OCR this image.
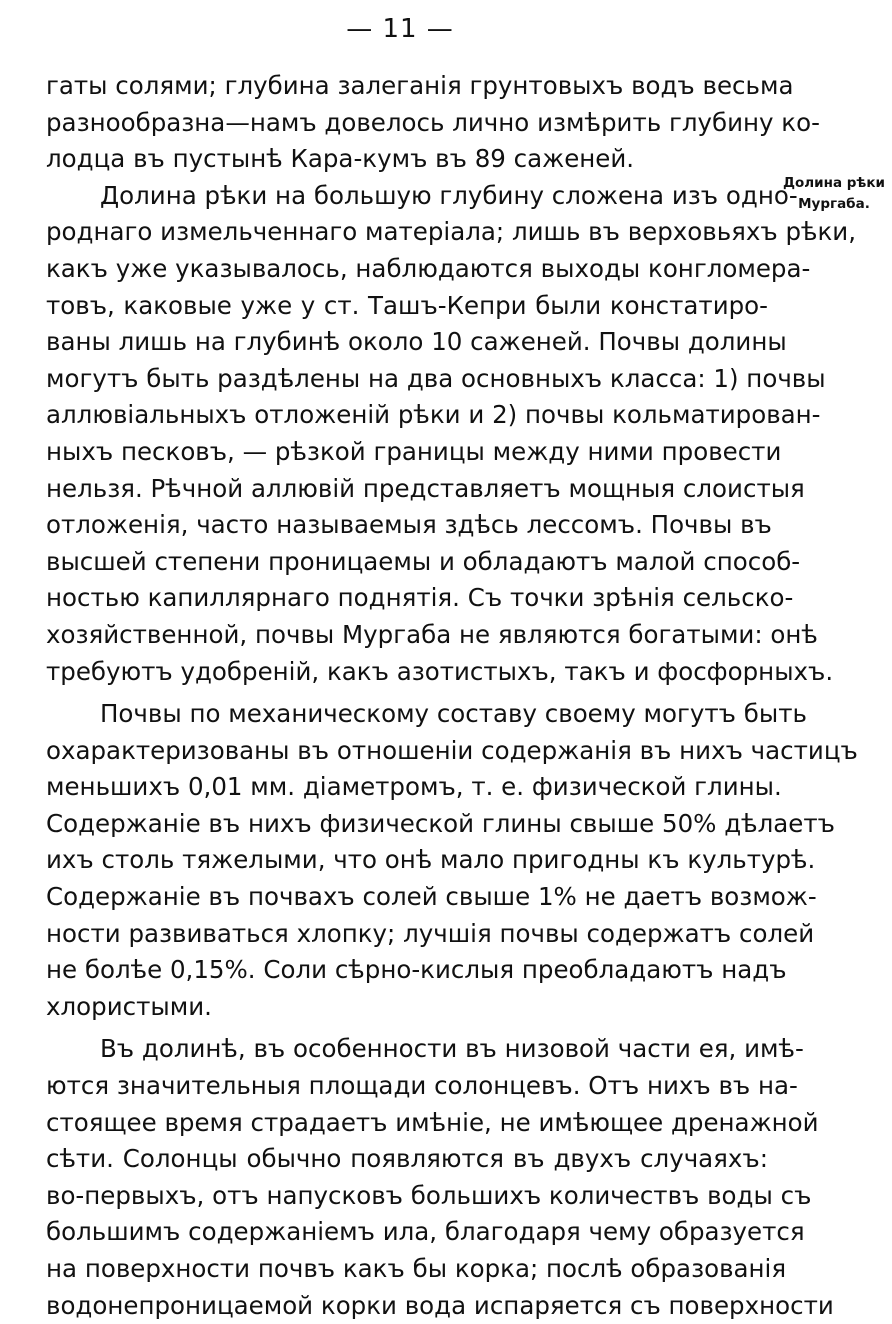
— 11 —
Долина рѣки
Мургаба.
гаты солями; глубина залеганія грунтовыхъ водъ весьма
разнообразна—намъ довелось лично измѣрить глубину ко-
лодца въ пустынѣ Кара-кумъ въ 89 саженей.
Долина рѣки на большую глубину сложена изъ одно-
роднаго измельченнаго матеріала; лишь въ верховьяхъ рѣки,
какъ уже указывалось, наблюдаются выходы конгломера-
товъ, каковые уже у ст. Ташъ-Кепри были констатиро-
ваны лишь на глубинѣ около 10 саженей. Почвы долины
могутъ быть раздѣлены на два основныхъ класса: 1) почвы
аллювіальныхъ отложеній рѣки и 2) почвы кольматирован-
ныхъ песковъ, — рѣзкой границы между ними провести
нельзя. Рѣчной аллювій представляетъ мощныя слоистыя
отложенія, часто называемыя здѣсь лессомъ. Почвы въ
высшей степени проницаемы и обладаютъ малой способ-
ностью капиллярнаго поднятія. Съ точки зрѣнія сельско-
хозяйственной, почвы Мургаба не являются богатыми: онѣ
требуютъ удобреній, какъ азотистыхъ, такъ и фосфорныхъ.
Почвы по механическому составу своему могутъ быть
охарактеризованы въ отношеніи содержанія въ нихъ частицъ
меньшихъ 0,01 мм. діаметромъ, т. е. физической глины.
Содержаніе въ нихъ физической глины свыше 50% дѣлаетъ
ихъ столь тяжелыми, что онѣ мало пригодны къ культурѣ.
Содержаніе въ почвахъ солей свыше 1% не даетъ возмож-
ности развиваться хлопку; лучшія почвы содержатъ солей
не болѣе 0,15%. Соли сѣрно-кислыя преобладаютъ надъ
хлористыми.
Въ долинѣ, въ особенности въ низовой части ея, имѣ-
ются значительныя площади солонцевъ. Отъ нихъ въ на-
стоящее время страдаетъ имѣніе, не имѣющее дренажной
сѣти. Солонцы обычно появляются въ двухъ случаяхъ:
во-первыхъ, отъ напусковъ большихъ количествъ воды съ
большимъ содержаніемъ ила, благодаря чему образуется
на поверхности почвъ какъ бы корка; послѣ образованія
водонепроницаемой корки вода испаряется съ поверхности
